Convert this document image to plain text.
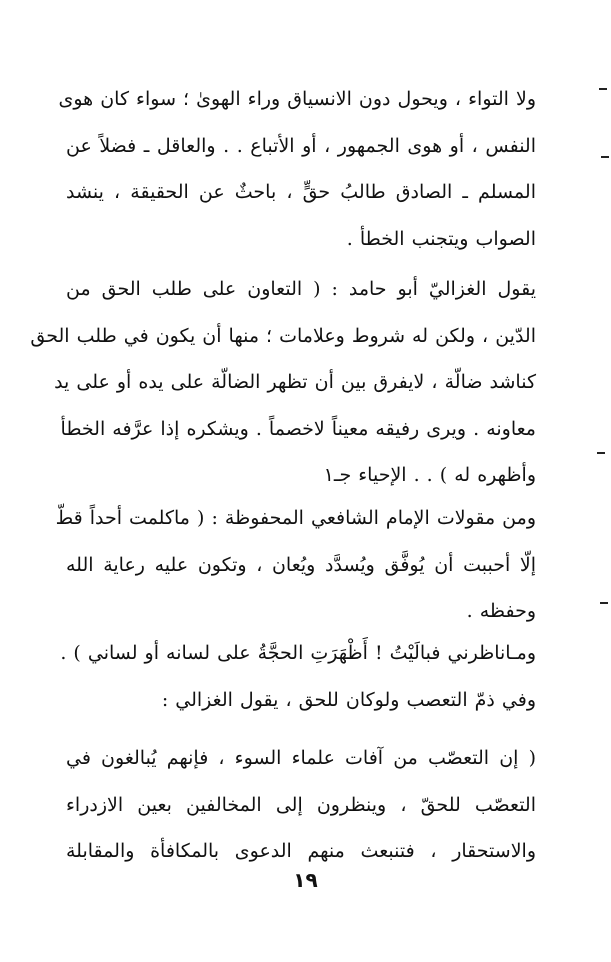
ولا التواء ، ويحول دون الانسياق وراء الهوىٰ ؛ سواء كان هوى
النفس ، أو هوى الجمهور ، أو الأتباع . . والعاقل ـ فضلاً عن
المسلم ـ الصادق طالبُ حقٍّ ، باحثٌ عن الحقيقة ، ينشد
الصواب ويتجنب الخطأ .
يقول الغزاليّ أبو حامد : ( التعاون على طلب الحق من
الدّين ، ولكن له شروط وعلامات ؛ منها أن يكون في طلب الحق
كناشد ضالّة ، لايفرق بين أن تظهر الضالّة على يده أو على يد
معاونه . ويرى رفيقه معيناً لاخصماً . ويشكره إذا عرَّفه الخطأ
وأظهره له ) . . الإحياء جـ١
ومن مقولات الإمام الشافعي المحفوظة : ( ماكلمت أحداً قطّ
إلّا أحببت أن يُوفَّق ويُسدَّد ويُعان ، وتكون عليه رعاية الله
وحفظه .
ومـاناظرني فبالَيْتُ ! أَظْهَرَتِ الحجَّةُ على لسانه أو لساني ) .
وفي ذمّ التعصب ولوكان للحق ، يقول الغزالي :
( إن التعصّب من آفات علماء السوء ، فإنهم يُبالغون في
التعصّب للحقّ ، وينظرون إلى المخالفين بعين الازدراء
والاستحقار ، فتنبعث منهم الدعوى بالمكافأة والمقابلة
١٩
